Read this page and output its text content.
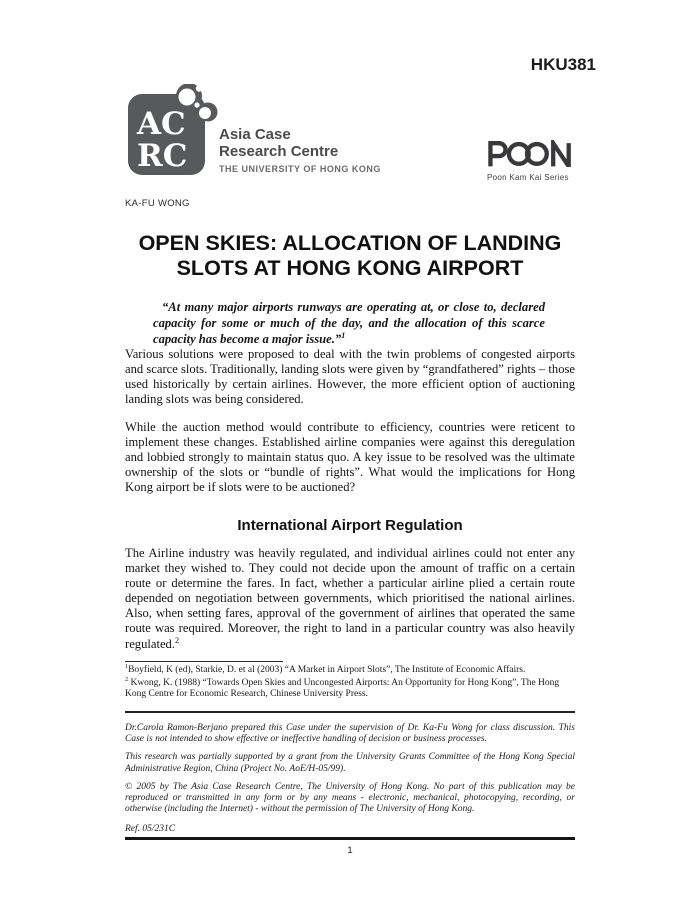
HKU381
AC
RC
Asia Case
Research Centre
THE UNIVERSITY OF HONG KONG
Poon Kam Kai Series
KA-FU WONG
OPEN SKIES: ALLOCATION OF LANDING
SLOTS AT HONG KONG AIRPORT
“At many major airports runways are operating at, or close to, declared capacity for some or much of the day, and the allocation of this scarce capacity has become a major issue.”$^1$

Various solutions were proposed to deal with the twin problems of congested airports and scarce slots. Traditionally, landing slots were given by “grandfathered” rights – those used historically by certain airlines. However, the more efficient option of auctioning landing slots was being considered.

While the auction method would contribute to efficiency, countries were reticent to implement these changes. Established airline companies were against this deregulation and lobbied strongly to maintain status quo. A key issue to be resolved was the ultimate ownership of the slots or “bundle of rights”. What would the implications for Hong Kong airport be if slots were to be auctioned?

International Airport Regulation

The Airline industry was heavily regulated, and individual airlines could not enter any market they wished to. They could not decide upon the amount of traffic on a certain route or determine the fares. In fact, whether a particular airline plied a certain route depended on negotiation between governments, which prioritised the national airlines. Also, when setting fares, approval of the government of airlines that operated the same route was required. Moreover, the right to land in a particular country was also heavily regulated.$^2$

$^1$Boyfield, K (ed), Starkie, D. et al (2003) “A Market in Airport Slots”, The Institute of Economic Affairs.
$^2$ Kwong, K. (1988) “Towards Open Skies and Uncongested Airports: An Opportunity for Hong Kong”, The Hong Kong Centre for Economic Research, Chinese University Press.

Dr.Carola Ramon-Berjano prepared this Case under the supervision of Dr. Ka-Fu Wong for class discussion. This Case is not intended to show effective or ineffective handling of decision or business processes.

This research was partially supported by a grant from the University Grants Committee of the Hong Kong Special Administrative Region, China (Project No. AoE/H-05/99).

© 2005 by The Asia Case Research Centre, The University of Hong Kong. No part of this publication may be reproduced or transmitted in any form or by any means - electronic, mechanical, photocopying, recording, or otherwise (including the Internet) - without the permission of The University of Hong Kong.

Ref. 05/231C

1
